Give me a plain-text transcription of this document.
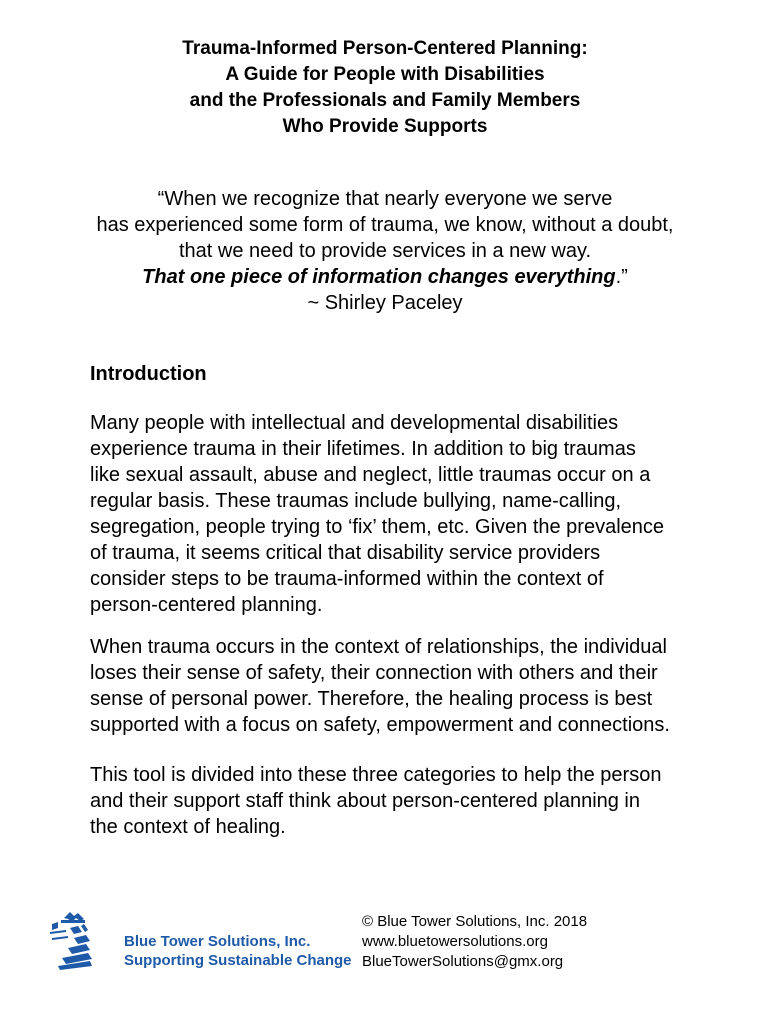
Trauma-Informed Person-Centered Planning:
A Guide for People with Disabilities
and the Professionals and Family Members
Who Provide Supports
“When we recognize that nearly everyone we serve
has experienced some form of trauma, we know, without a doubt,
that we need to provide services in a new way.
That one piece of information changes everything.”
~ Shirley Paceley
Introduction
Many people with intellectual and developmental disabilities
experience trauma in their lifetimes. In addition to big traumas
like sexual assault, abuse and neglect, little traumas occur on a
regular basis. These traumas include bullying, name-calling,
segregation, people trying to ‘fix’ them, etc. Given the prevalence
of trauma, it seems critical that disability service providers
consider steps to be trauma-informed within the context of
person-centered planning.
When trauma occurs in the context of relationships, the individual
loses their sense of safety, their connection with others and their
sense of personal power. Therefore, the healing process is best
supported with a focus on safety, empowerment and connections.
This tool is divided into these three categories to help the person
and their support staff think about person-centered planning in
the context of healing.
Blue Tower Solutions, Inc.
Supporting Sustainable Change
© Blue Tower Solutions, Inc. 2018
www.bluetowersolutions.org
BlueTowerSolutions@gmx.org
